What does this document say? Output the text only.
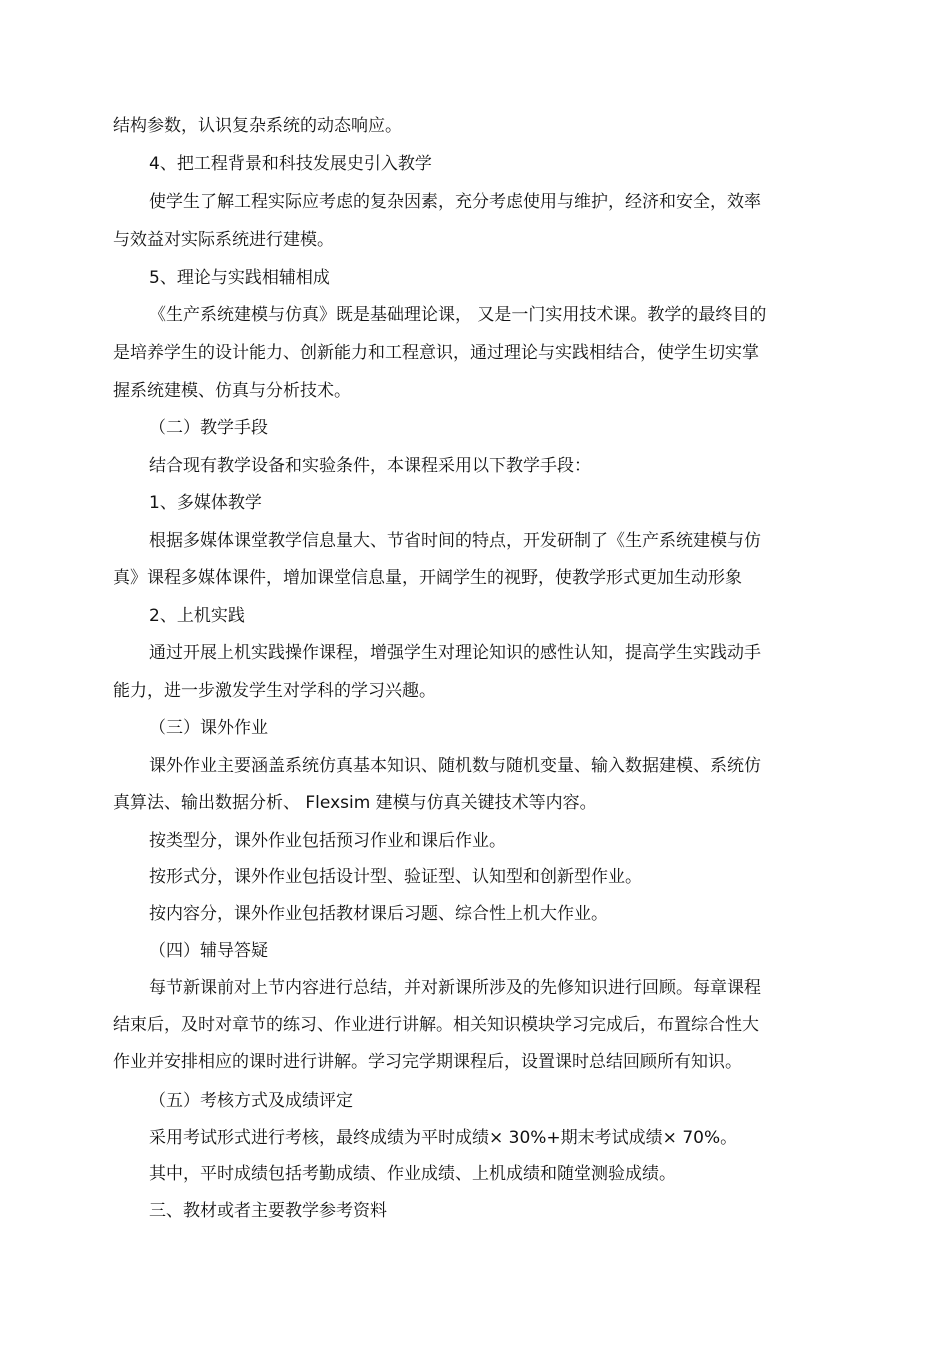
结构参数，认识复杂系统的动态响应。
4、把工程背景和科技发展史引入教学
使学生了解工程实际应考虑的复杂因素，充分考虑使用与维护，经济和安全，效率
与效益对实际系统进行建模。
5、理论与实践相辅相成
《生产系统建模与仿真》既是基础理论课， 又是一门实用技术课。教学的最终目的
是培养学生的设计能力、创新能力和工程意识，通过理论与实践相结合，使学生切实掌
握系统建模、仿真与分析技术。
（二）教学手段
结合现有教学设备和实验条件，本课程采用以下教学手段：
1、多媒体教学
根据多媒体课堂教学信息量大、节省时间的特点，开发研制了《生产系统建模与仿
真》课程多媒体课件，增加课堂信息量，开阔学生的视野，使教学形式更加生动形象
2、上机实践
通过开展上机实践操作课程，增强学生对理论知识的感性认知，提高学生实践动手
能力，进一步激发学生对学科的学习兴趣。
（三）课外作业
课外作业主要涵盖系统仿真基本知识、随机数与随机变量、输入数据建模、系统仿
真算法、输出数据分析、 Flexsim 建模与仿真关键技术等内容。
按类型分，课外作业包括预习作业和课后作业。
按形式分，课外作业包括设计型、验证型、认知型和创新型作业。
按内容分，课外作业包括教材课后习题、综合性上机大作业。
（四）辅导答疑
每节新课前对上节内容进行总结，并对新课所涉及的先修知识进行回顾。每章课程
结束后，及时对章节的练习、作业进行讲解。相关知识模块学习完成后，布置综合性大
作业并安排相应的课时进行讲解。学习完学期课程后，设置课时总结回顾所有知识。
（五）考核方式及成绩评定
采用考试形式进行考核，最终成绩为平时成绩× 30%+期末考试成绩× 70%。
其中，平时成绩包括考勤成绩、作业成绩、上机成绩和随堂测验成绩。
三、教材或者主要教学参考资料
